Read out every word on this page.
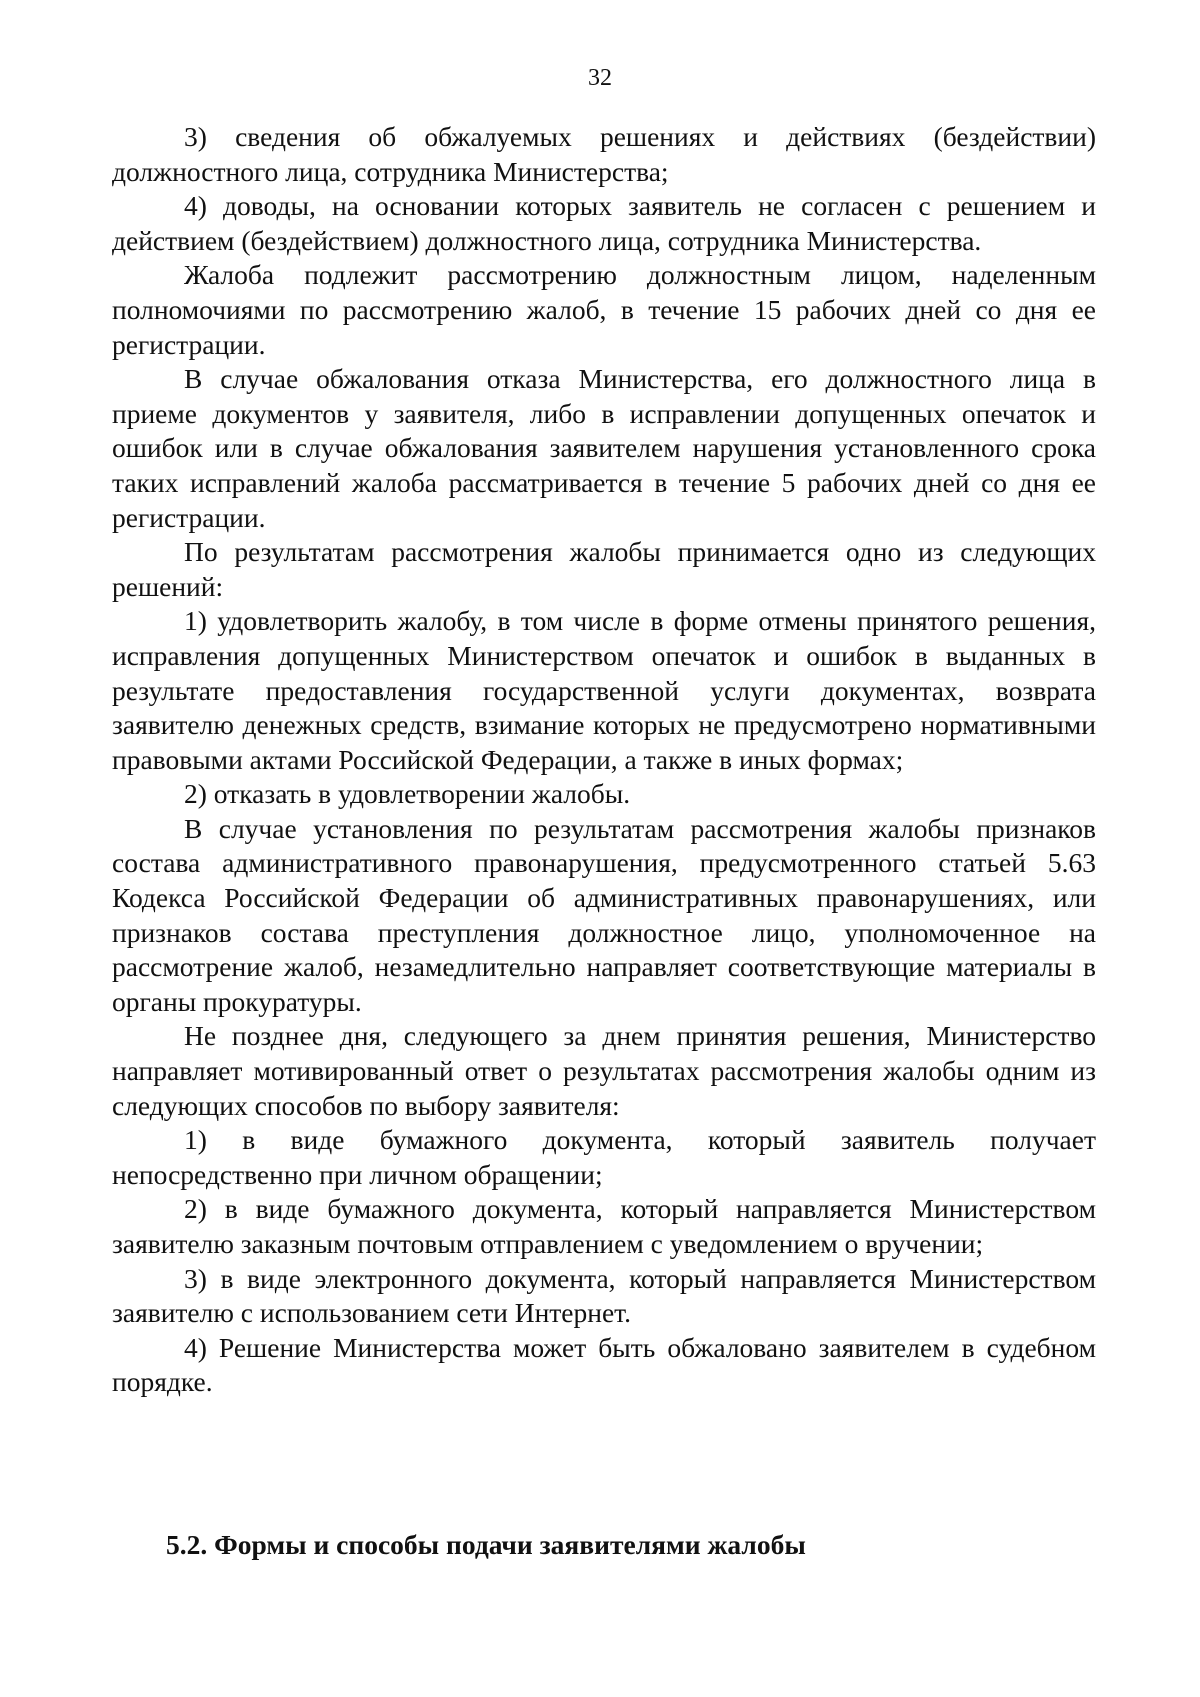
32

3) сведения об обжалуемых решениях и действиях (бездействии) должностного лица, сотрудника Министерства;

4) доводы, на основании которых заявитель не согласен с решением и действием (бездействием) должностного лица, сотрудника Министерства.

Жалоба подлежит рассмотрению должностным лицом, наделенным полномочиями по рассмотрению жалоб, в течение 15 рабочих дней со дня ее регистрации.

В случае обжалования отказа Министерства, его должностного лица в приеме документов у заявителя, либо в исправлении допущенных опечаток и ошибок или в случае обжалования заявителем нарушения установленного срока таких исправлений жалоба рассматривается в течение 5 рабочих дней со дня ее регистрации.

По результатам рассмотрения жалобы принимается одно из следующих решений:

1) удовлетворить жалобу, в том числе в форме отмены принятого решения, исправления допущенных Министерством опечаток и ошибок в выданных в результате предоставления государственной услуги документах, возврата заявителю денежных средств, взимание которых не предусмотрено нормативными правовыми актами Российской Федерации, а также в иных формах;

2) отказать в удовлетворении жалобы.

В случае установления по результатам рассмотрения жалобы признаков состава административного правонарушения, предусмотренного статьей 5.63 Кодекса Российской Федерации об административных правонарушениях, или признаков состава преступления должностное лицо, уполномоченное на рассмотрение жалоб, незамедлительно направляет соответствующие материалы в органы прокуратуры.

Не позднее дня, следующего за днем принятия решения, Министерство направляет мотивированный ответ о результатах рассмотрения жалобы одним из следующих способов по выбору заявителя:

1) в виде бумажного документа, который заявитель получает непосредственно при личном обращении;

2) в виде бумажного документа, который направляется Министерством заявителю заказным почтовым отправлением с уведомлением о вручении;

3) в виде электронного документа, который направляется Министерством заявителю с использованием сети Интернет.

4) Решение Министерства может быть обжаловано заявителем в судебном порядке.

5.2. Формы и способы подачи заявителями жалобы
